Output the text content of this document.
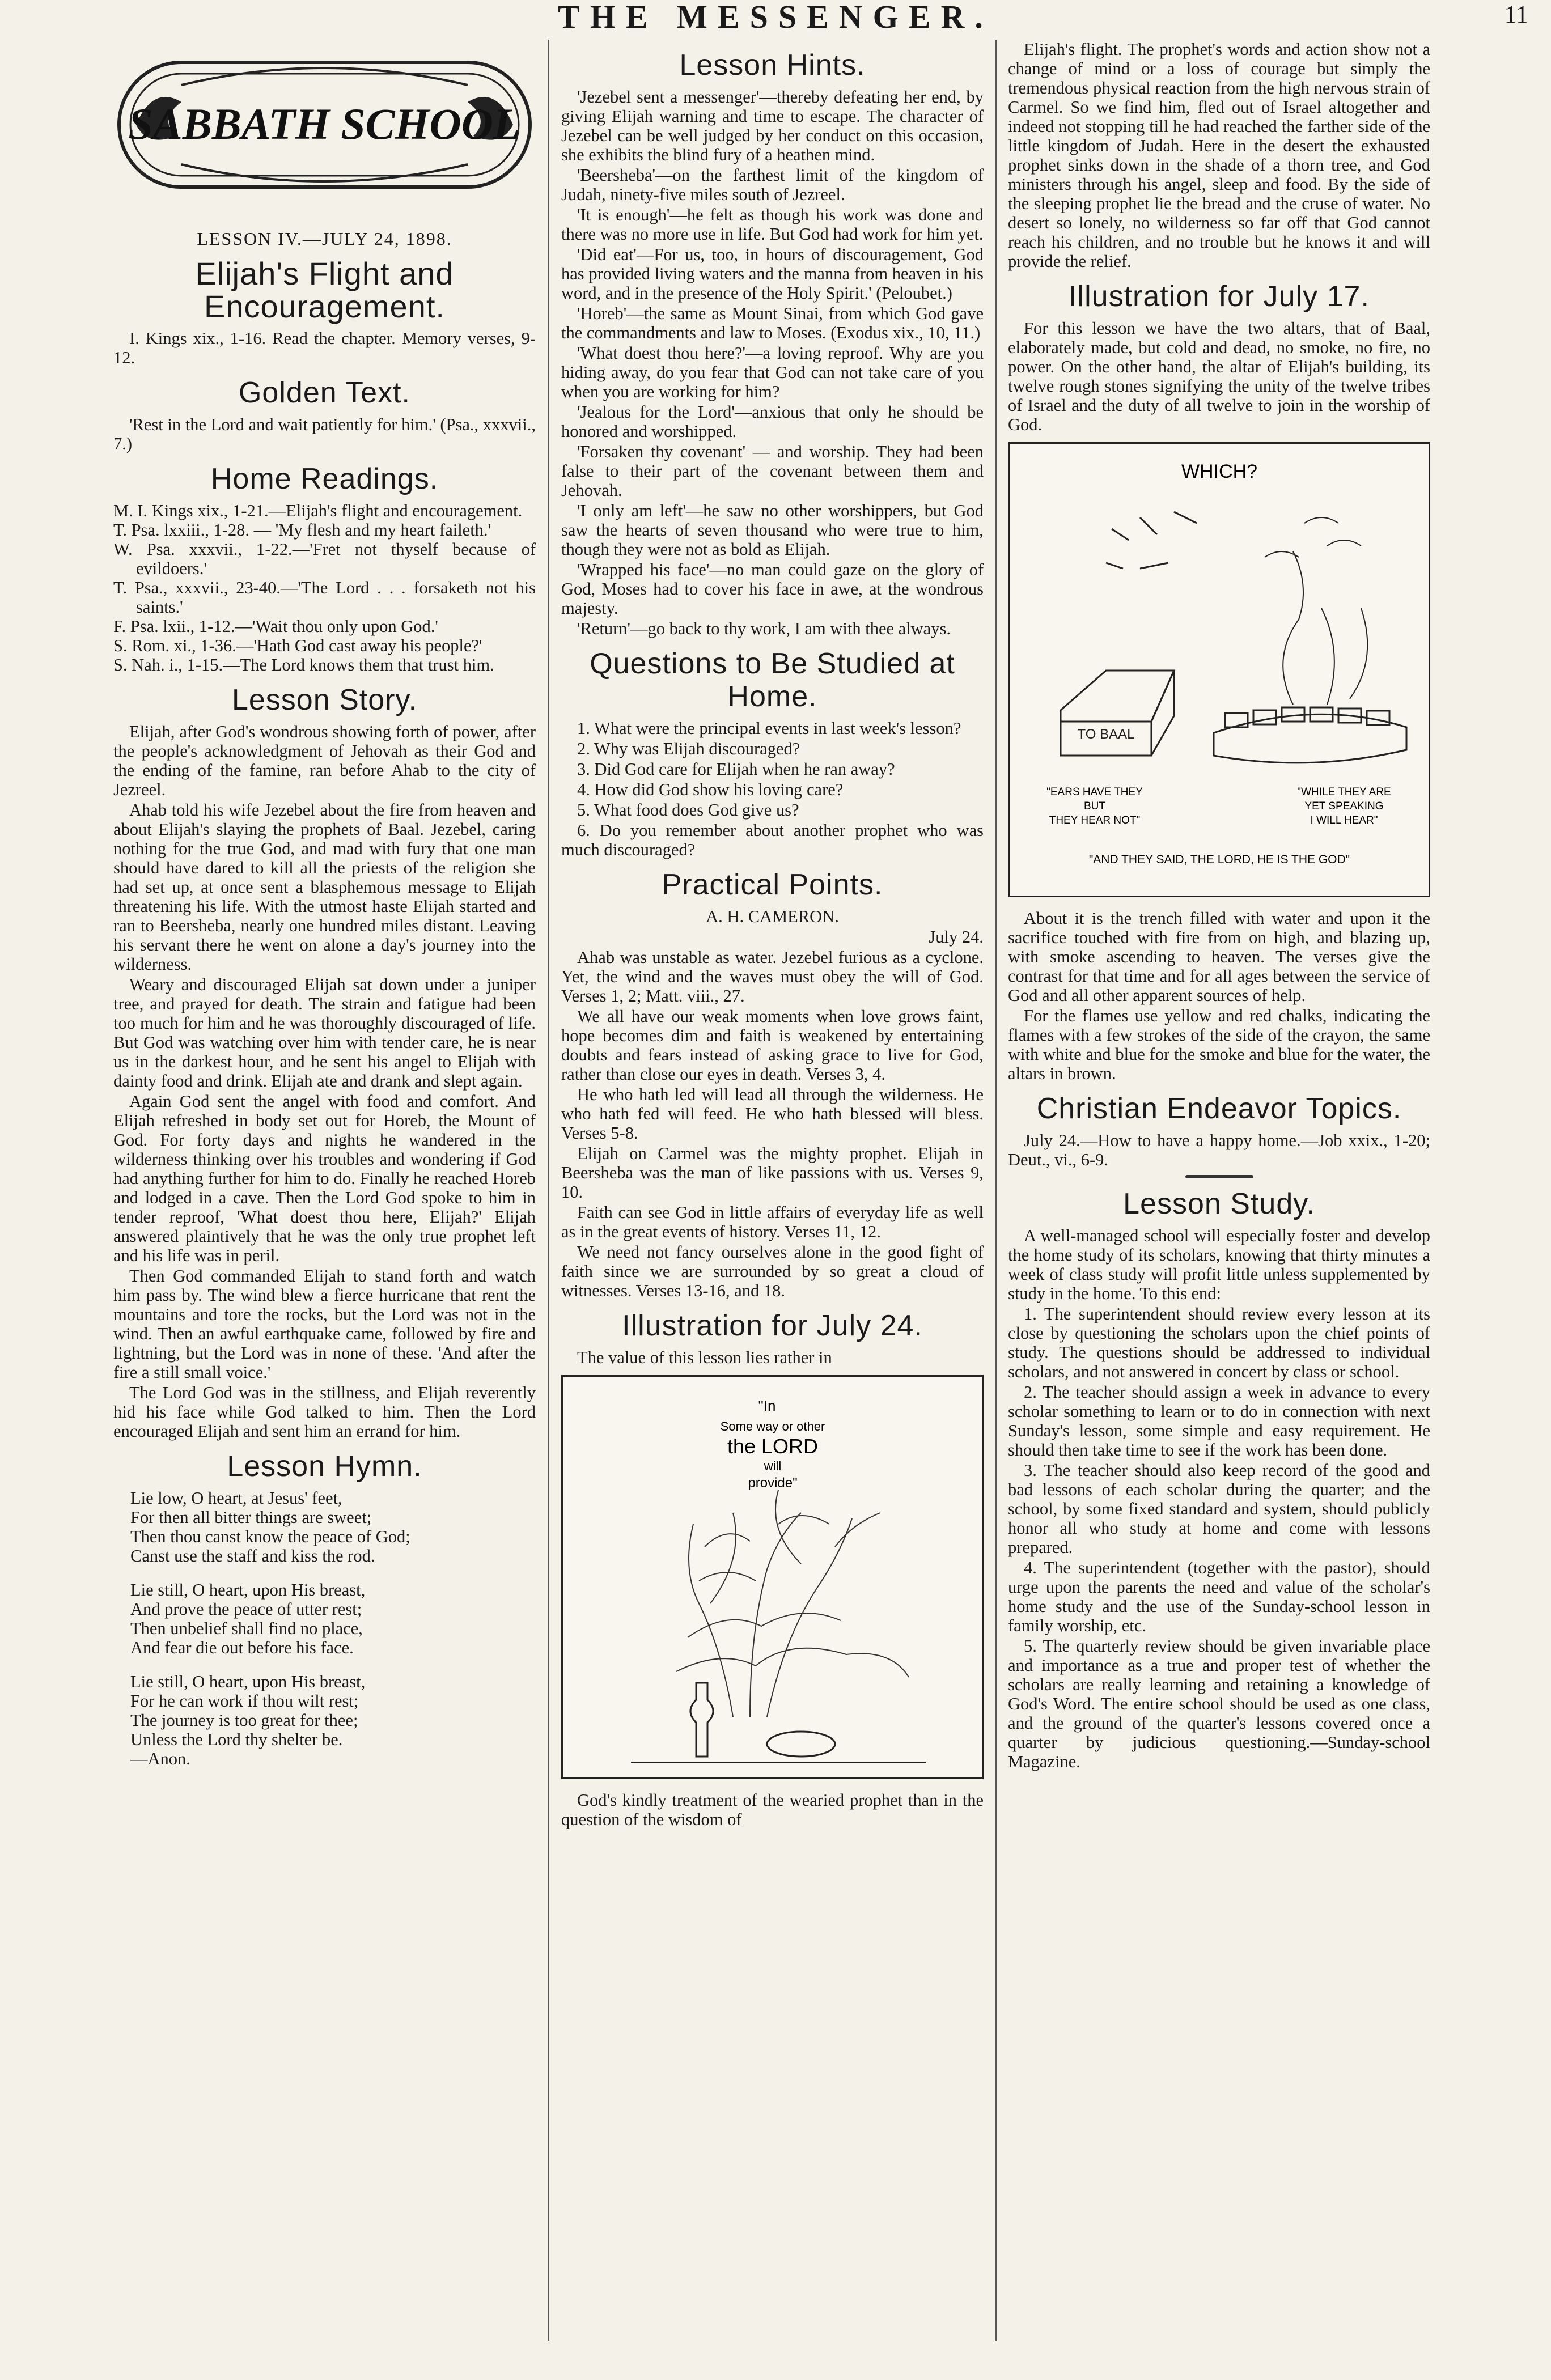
THE MESSENGER.	11
SABBATH SCHOOL
LESSON IV.—JULY 24, 1898.
Elijah's Flight and Encouragement.

I. Kings xix., 1-16. Read the chapter. Memory verses, 9-12.

Golden Text.

'Rest in the Lord and wait patiently for him.' (Psa., xxxvii., 7.)

Home Readings.

M. I. Kings xix., 1-21.—Elijah's flight and encouragement.

T. Psa. lxxiii., 1-28. — 'My flesh and my heart faileth.'

W. Psa. xxxvii., 1-22.—'Fret not thyself because of evildoers.'

T. Psa., xxxvii., 23-40.—'The Lord . . . forsaketh not his saints.'

F. Psa. lxii., 1-12.—'Wait thou only upon God.'

S. Rom. xi., 1-36.—'Hath God cast away his people?'

S. Nah. i., 1-15.—The Lord knows them that trust him.

Lesson Story.

Elijah, after God's wondrous showing forth of power, after the people's acknowledgment of Jehovah as their God and the ending of the famine, ran before Ahab to the city of Jezreel.

Ahab told his wife Jezebel about the fire from heaven and about Elijah's slaying the prophets of Baal. Jezebel, caring nothing for the true God, and mad with fury that one man should have dared to kill all the priests of the religion she had set up, at once sent a blasphemous message to Elijah threatening his life. With the utmost haste Elijah started and ran to Beersheba, nearly one hundred miles distant. Leaving his servant there he went on alone a day's journey into the wilderness.

Weary and discouraged Elijah sat down under a juniper tree, and prayed for death. The strain and fatigue had been too much for him and he was thoroughly discouraged of life. But God was watching over him with tender care, he is near us in the darkest hour, and he sent his angel to Elijah with dainty food and drink. Elijah ate and drank and slept again.

Again God sent the angel with food and comfort. And Elijah refreshed in body set out for Horeb, the Mount of God. For forty days and nights he wandered in the wilderness thinking over his troubles and wondering if God had anything further for him to do. Finally he reached Horeb and lodged in a cave. Then the Lord God spoke to him in tender reproof, 'What doest thou here, Elijah?' Elijah answered plaintively that he was the only true prophet left and his life was in peril.

Then God commanded Elijah to stand forth and watch him pass by. The wind blew a fierce hurricane that rent the mountains and tore the rocks, but the Lord was not in the wind. Then an awful earthquake came, followed by fire and lightning, but the Lord was in none of these. 'And after the fire a still small voice.'

The Lord God was in the stillness, and Elijah reverently hid his face while God talked to him. Then the Lord encouraged Elijah and sent him an errand for him.

Lesson Hymn.

Lie low, O heart, at Jesus' feet,

For then all bitter things are sweet;

Then thou canst know the peace of God;

Canst use the staff and kiss the rod.

Lie still, O heart, upon His breast,

And prove the peace of utter rest;

Then unbelief shall find no place,

And fear die out before his face.

Lie still, O heart, upon His breast,

For he can work if thou wilt rest;

The journey is too great for thee;

Unless the Lord thy shelter be.

—Anon.

Lesson Hints.

'Jezebel sent a messenger'—thereby defeating her end, by giving Elijah warning and time to escape. The character of Jezebel can be well judged by her conduct on this occasion, she exhibits the blind fury of a heathen mind.

'Beersheba'—on the farthest limit of the kingdom of Judah, ninety-five miles south of Jezreel.

'It is enough'—he felt as though his work was done and there was no more use in life. But God had work for him yet.

'Did eat'—For us, too, in hours of discouragement, God has provided living waters and the manna from heaven in his word, and in the presence of the Holy Spirit.' (Peloubet.)

'Horeb'—the same as Mount Sinai, from which God gave the commandments and law to Moses. (Exodus xix., 10, 11.)

'What doest thou here?'—a loving reproof. Why are you hiding away, do you fear that God can not take care of you when you are working for him?

'Jealous for the Lord'—anxious that only he should be honored and worshipped.

'Forsaken thy covenant' — and worship. They had been false to their part of the covenant between them and Jehovah.

'I only am left'—he saw no other worshippers, but God saw the hearts of seven thousand who were true to him, though they were not as bold as Elijah.

'Wrapped his face'—no man could gaze on the glory of God, Moses had to cover his face in awe, at the wondrous majesty.

'Return'—go back to thy work, I am with thee always.

Questions to Be Studied at Home.

1. What were the principal events in last week's lesson?

2. Why was Elijah discouraged?

3. Did God care for Elijah when he ran away?

4. How did God show his loving care?

5. What food does God give us?

6. Do you remember about another prophet who was much discouraged?

Practical Points.

A. H. CAMERON.

July 24.

Ahab was unstable as water. Jezebel furious as a cyclone. Yet, the wind and the waves must obey the will of God. Verses 1, 2; Matt. viii., 27.

We all have our weak moments when love grows faint, hope becomes dim and faith is weakened by entertaining doubts and fears instead of asking grace to live for God, rather than close our eyes in death. Verses 3, 4.

He who hath led will lead all through the wilderness. He who hath fed will feed. He who hath blessed will bless. Verses 5-8.

Elijah on Carmel was the mighty prophet. Elijah in Beersheba was the man of like passions with us. Verses 9, 10.

Faith can see God in little affairs of everyday life as well as in the great events of history. Verses 11, 12.

We need not fancy ourselves alone in the good fight of faith since we are surrounded by so great a cloud of witnesses. Verses 13-16, and 18.

Illustration for July 24.

The value of this lesson lies rather in

"In
Some way or other
the LORD
will
provide"

God's kindly treatment of the wearied prophet than in the question of the wisdom of

Elijah's flight. The prophet's words and action show not a change of mind or a loss of courage but simply the tremendous physical reaction from the high nervous strain of Carmel. So we find him, fled out of Israel altogether and indeed not stopping till he had reached the farther side of the little kingdom of Judah. Here in the desert the exhausted prophet sinks down in the shade of a thorn tree, and God ministers through his angel, sleep and food. By the side of the sleeping prophet lie the bread and the cruse of water. No desert so lonely, no wilderness so far off that God cannot reach his children, and no trouble but he knows it and will provide the relief.

Illustration for July 17.

For this lesson we have the two altars, that of Baal, elaborately made, but cold and dead, no smoke, no fire, no power. On the other hand, the altar of Elijah's building, its twelve rough stones signifying the unity of the twelve tribes of Israel and the duty of all twelve to join in the worship of God.

WHICH?
TO BAAL
"EARS HAVE THEY
BUT
THEY HEAR NOT"
"WHILE THEY ARE
YET SPEAKING
I WILL HEAR"
"AND THEY SAID, THE LORD, HE IS THE GOD"

About it is the trench filled with water and upon it the sacrifice touched with fire from on high, and blazing up, with smoke ascending to heaven. The verses give the contrast for that time and for all ages between the service of God and all other apparent sources of help.

For the flames use yellow and red chalks, indicating the flames with a few strokes of the side of the crayon, the same with white and blue for the smoke and blue for the water, the altars in brown.

Christian Endeavor Topics.

July 24.—How to have a happy home.—Job xxix., 1-20; Deut., vi., 6-9.

Lesson Study.

A well-managed school will especially foster and develop the home study of its scholars, knowing that thirty minutes a week of class study will profit little unless supplemented by study in the home. To this end:

1. The superintendent should review every lesson at its close by questioning the scholars upon the chief points of study. The questions should be addressed to individual scholars, and not answered in concert by class or school.

2. The teacher should assign a week in advance to every scholar something to learn or to do in connection with next Sunday's lesson, some simple and easy requirement. He should then take time to see if the work has been done.

3. The teacher should also keep record of the good and bad lessons of each scholar during the quarter; and the school, by some fixed standard and system, should publicly honor all who study at home and come with lessons prepared.

4. The superintendent (together with the pastor), should urge upon the parents the need and value of the scholar's home study and the use of the Sunday-school lesson in family worship, etc.

5. The quarterly review should be given invariable place and importance as a true and proper test of whether the scholars are really learning and retaining a knowledge of God's Word. The entire school should be used as one class, and the ground of the quarter's lessons covered once a quarter by judicious questioning.—Sunday-school Magazine.
